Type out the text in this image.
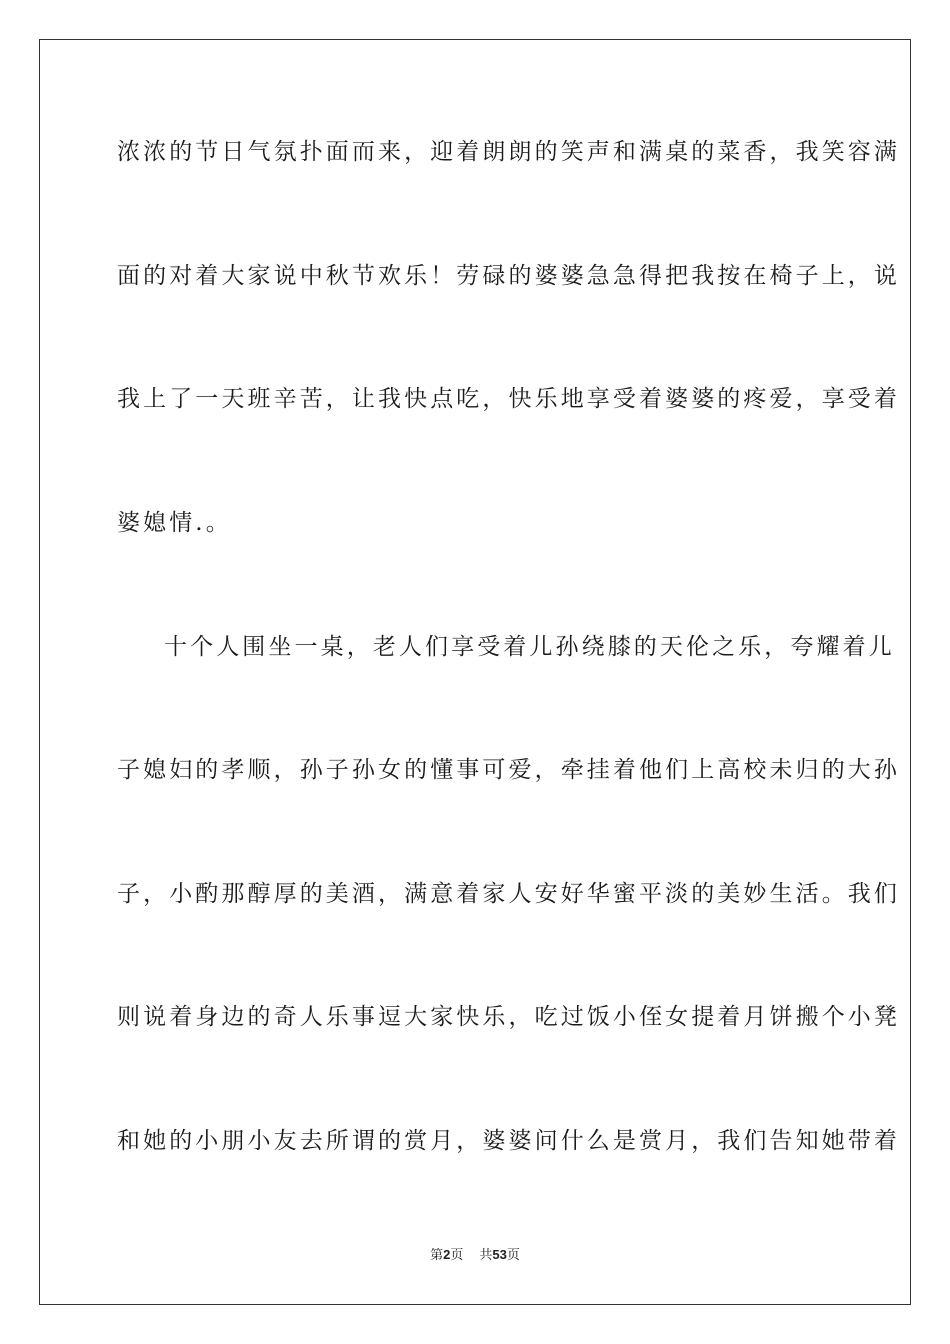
浓浓的节日气氛扑面而来，迎着朗朗的笑声和满桌的菜香，我笑容满
面的对着大家说中秋节欢乐！劳碌的婆婆急急得把我按在椅子上，说
我上了一天班辛苦，让我快点吃，快乐地享受着婆婆的疼爱，享受着
婆媳情.。
十个人围坐一桌，老人们享受着儿孙绕膝的天伦之乐，夸耀着儿
子媳妇的孝顺，孙子孙女的懂事可爱，牵挂着他们上高校未归的大孙
子，小酌那醇厚的美酒，满意着家人安好华蜜平淡的美妙生活。我们
则说着身边的奇人乐事逗大家快乐，吃过饭小侄女提着月饼搬个小凳
和她的小朋小友去所谓的赏月，婆婆问什么是赏月，我们告知她带着
第2页 共53页
